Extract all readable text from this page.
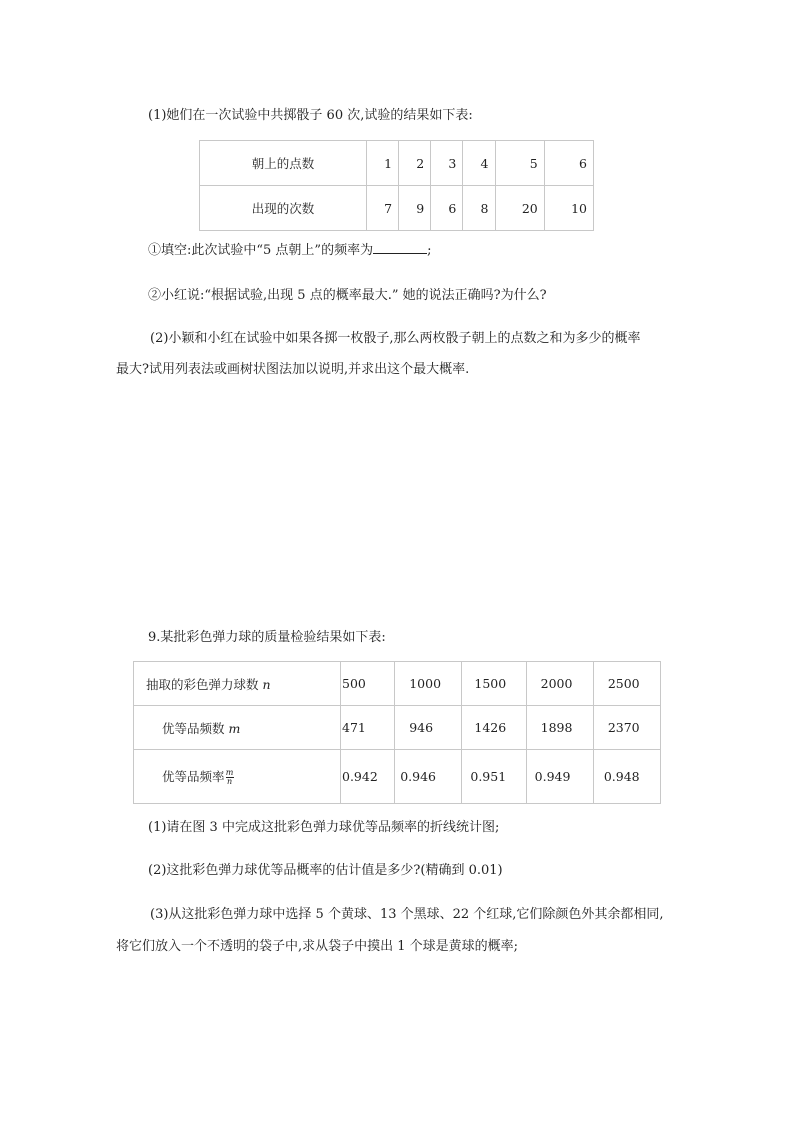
(1)她们在一次试验中共掷骰子 60 次,试验的结果如下表:
朝上的点数	1	2	3	4	5	6
出现的次数	7	9	6	8	20	10
①填空:此次试验中“5 点朝上”的频率为	;
②小红说:“根据试验,出现 5 点的概率最大.” 她的说法正确吗?为什么?
(2)小颖和小红在试验中如果各掷一枚骰子,那么两枚骰子朝上的点数之和为多少的概率
最大?试用列表法或画树状图法加以说明,并求出这个最大概率.
9.某批彩色弹力球的质量检验结果如下表:
抽取的彩色弹力球数 n	500	1000	1500	2000	2500
优等品频数 m	471	946	1426	1898	2370
优等品频率 $\frac{m}{n}$	0.942	0.946	0.951	0.949	0.948
(1)请在图 3 中完成这批彩色弹力球优等品频率的折线统计图;
(2)这批彩色弹力球优等品概率的估计值是多少?(精确到 0.01)
(3)从这批彩色弹力球中选择 5 个黄球、13 个黑球、22 个红球,它们除颜色外其余都相同,
将它们放入一个不透明的袋子中,求从袋子中摸出 1 个球是黄球的概率;
